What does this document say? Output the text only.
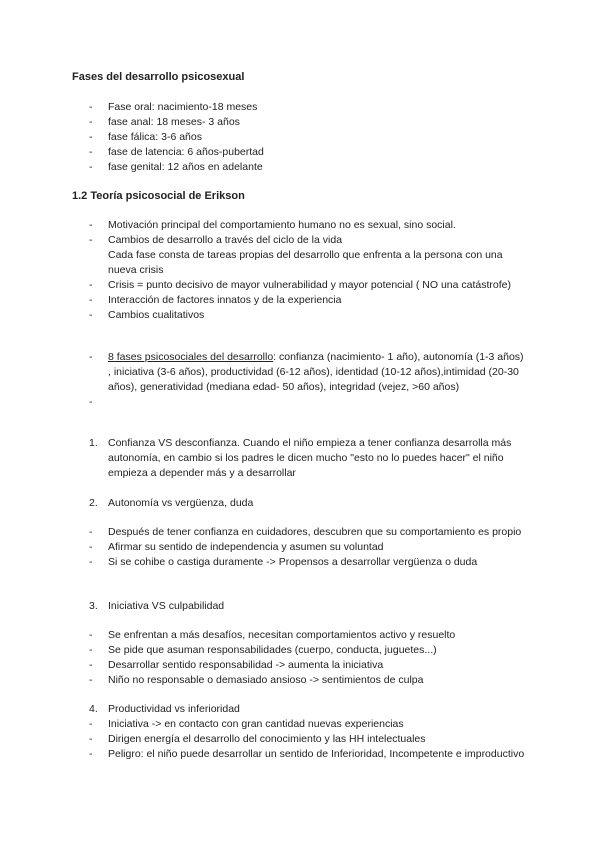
Fases del desarrollo psicosexual

- Fase oral: nacimiento-18 meses
- fase anal: 18 meses- 3 años
- fase fálica: 3-6 años
- fase de latencia: 6 años-pubertad
- fase genital: 12 años en adelante

1.2 Teoría psicosocial de Erikson

- Motivación principal del comportamiento humano no es sexual, sino social.
- Cambios de desarrollo a través del ciclo de la vida
Cada fase consta de tareas propias del desarrollo que enfrenta a la persona con una nueva crisis
- Crisis = punto decisivo de mayor vulnerabilidad y mayor potencial ( NO una catástrofe)
- Interacción de factores innatos y de la experiencia
- Cambios cualitativos
- 8 fases psicosociales del desarrollo: confianza (nacimiento- 1 año), autonomía (1-3 años) , iniciativa (3-6 años), productividad (6-12 años), identidad (10-12 años),intimidad (20-30 años), generatividad (mediana edad- 50 años), integridad (vejez, >60 años)
-
1. Confianza VS desconfianza. Cuando el niño empieza a tener confianza desarrolla más autonomía, en cambio si los padres le dicen mucho "esto no lo puedes hacer" el niño empieza a depender más y a desarrollar
2. Autonomía vs vergüenza, duda
- Después de tener confianza en cuidadores, descubren que su comportamiento es propio
- Afirmar su sentido de independencia y asumen su voluntad
- Si se cohibe o castiga duramente -> Propensos a desarrollar vergüenza o duda
3. Iniciativa VS culpabilidad
- Se enfrentan a más desafíos, necesitan comportamientos activo y resuelto
- Se pide que asuman responsabilidades (cuerpo, conducta, juguetes...)
- Desarrollar sentido responsabilidad -> aumenta la iniciativa
- Niño no responsable o demasiado ansioso -> sentimientos de culpa
4. Productividad vs inferioridad
- Iniciativa -> en contacto con gran cantidad nuevas experiencias
- Dirigen energía el desarrollo del conocimiento y las HH intelectuales
- Peligro: el niño puede desarrollar un sentido de Inferioridad, Incompetente e improductivo
